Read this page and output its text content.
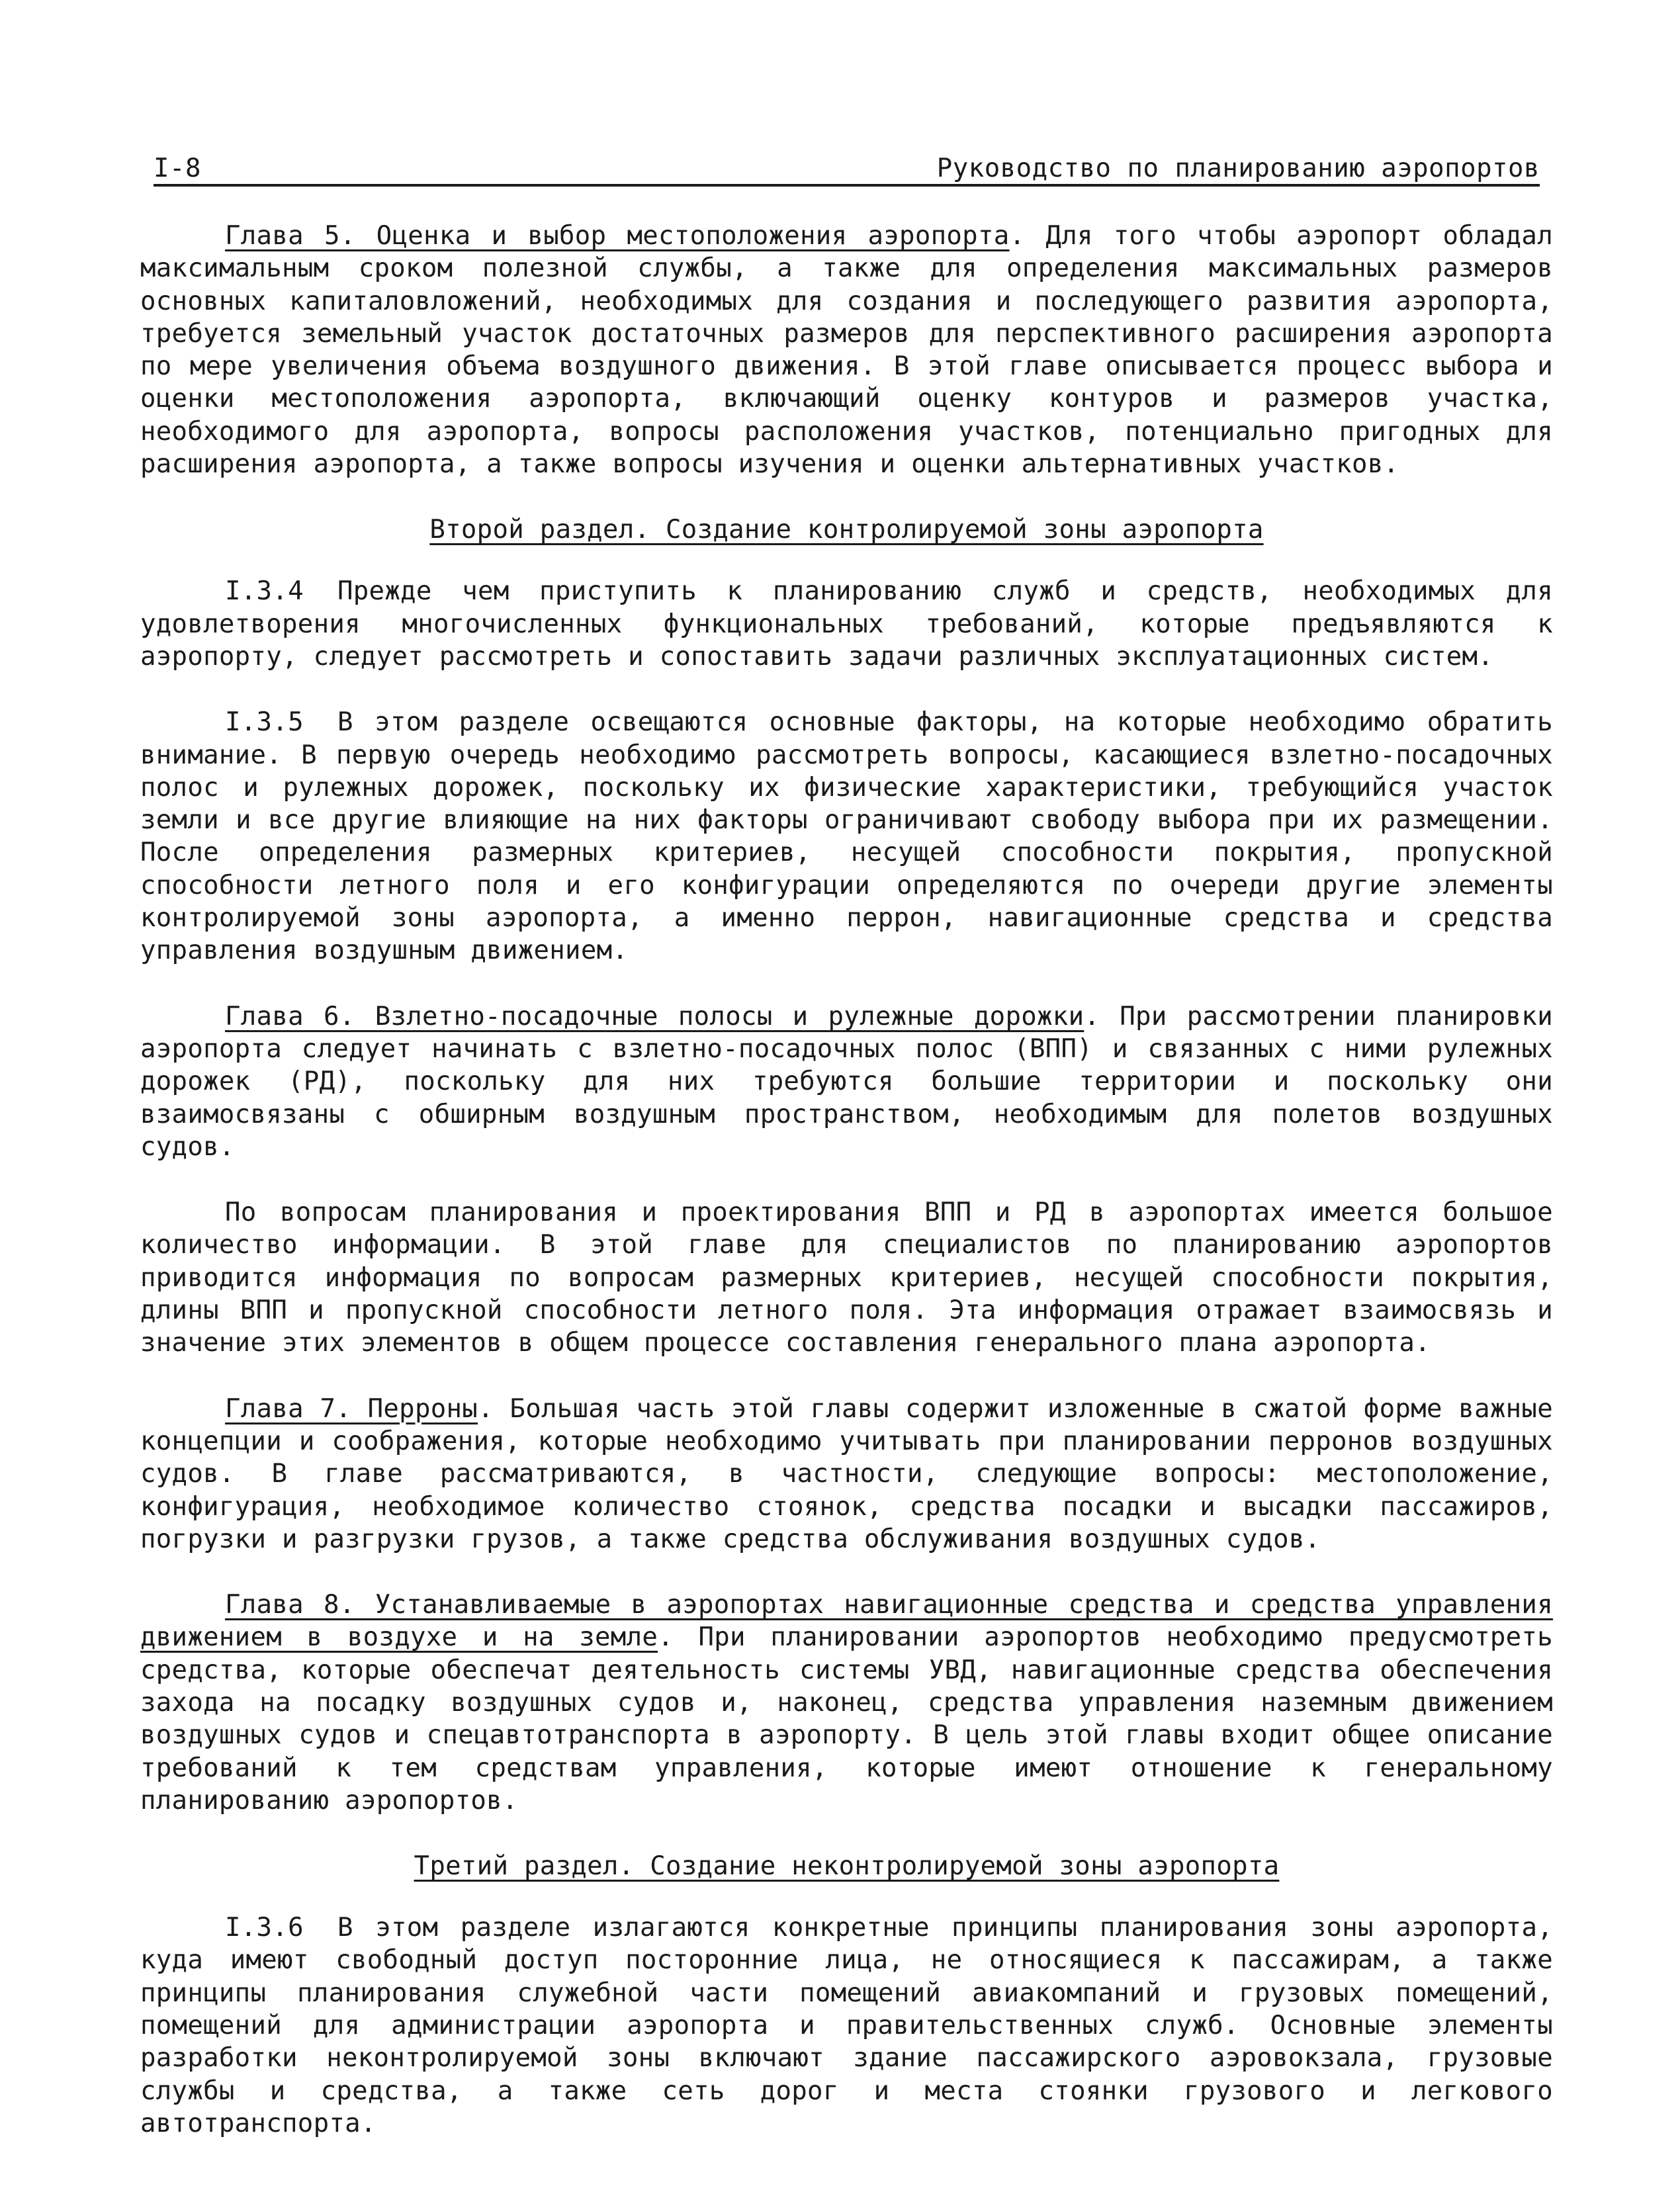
I-8	Руководство по планированию аэропортов

Глава 5. Оценка и выбор местоположения аэропорта. Для того чтобы аэропорт обладал максимальным сроком полезной службы, а также для определения максимальных размеров основных капиталовложений, необходимых для создания и последующего развития аэропорта, требуется земельный участок достаточных размеров для перспективного расширения аэропорта по мере увеличения объема воздушного движения. В этой главе описывается процесс выбора и оценки местоположения аэропорта, включающий оценку контуров и размеров участка, необходимого для аэропорта, вопросы расположения участков, потенциально пригодных для расширения аэропорта, а также вопросы изучения и оценки альтернативных участков.

Второй раздел. Создание контролируемой зоны аэропорта

I.3.4 Прежде чем приступить к планированию служб и средств, необходимых для удовлетворения многочисленных функциональных требований, которые предъявляются к аэропорту, следует рассмотреть и сопоставить задачи различных эксплуатационных систем.

I.3.5 В этом разделе освещаются основные факторы, на которые необходимо обратить внимание. В первую очередь необходимо рассмотреть вопросы, касающиеся взлетно-посадочных полос и рулежных дорожек, поскольку их физические характеристики, требующийся участок земли и все другие влияющие на них факторы ограничивают свободу выбора при их размещении. После определения размерных критериев, несущей способности покрытия, пропускной способности летного поля и его конфигурации определяются по очереди другие элементы контролируемой зоны аэропорта, а именно перрон, навигационные средства и средства управления воздушным движением.

Глава 6. Взлетно-посадочные полосы и рулежные дорожки. При рассмотрении планировки аэропорта следует начинать с взлетно-посадочных полос (ВПП) и связанных с ними рулежных дорожек (РД), поскольку для них требуются большие территории и поскольку они взаимосвязаны с обширным воздушным пространством, необходимым для полетов воздушных судов.

По вопросам планирования и проектирования ВПП и РД в аэропортах имеется большое количество информации. В этой главе для специалистов по планированию аэропортов приводится информация по вопросам размерных критериев, несущей способности покрытия, длины ВПП и пропускной способности летного поля. Эта информация отражает взаимосвязь и значение этих элементов в общем процессе составления генерального плана аэропорта.

Глава 7. Перроны. Большая часть этой главы содержит изложенные в сжатой форме важные концепции и соображения, которые необходимо учитывать при планировании перронов воздушных судов. В главе рассматриваются, в частности, следующие вопросы: местоположение, конфигурация, необходимое количество стоянок, средства посадки и высадки пассажиров, погрузки и разгрузки грузов, а также средства обслуживания воздушных судов.

Глава 8. Устанавливаемые в аэропортах навигационные средства и средства управления движением в воздухе и на земле. При планировании аэропортов необходимо предусмотреть средства, которые обеспечат деятельность системы УВД, навигационные средства обеспечения захода на посадку воздушных судов и, наконец, средства управления наземным движением воздушных судов и спецавтотранспорта в аэропорту. В цель этой главы входит общее описание требований к тем средствам управления, которые имеют отношение к генеральному планированию аэропортов.

Третий раздел. Создание неконтролируемой зоны аэропорта

I.3.6 В этом разделе излагаются конкретные принципы планирования зоны аэропорта, куда имеют свободный доступ посторонние лица, не относящиеся к пассажирам, а также принципы планирования служебной части помещений авиакомпаний и грузовых помещений, помещений для администрации аэропорта и правительственных служб. Основные элементы разработки неконтролируемой зоны включают здание пассажирского аэровокзала, грузовые службы и средства, а также сеть дорог и места стоянки грузового и легкового автотранспорта.
